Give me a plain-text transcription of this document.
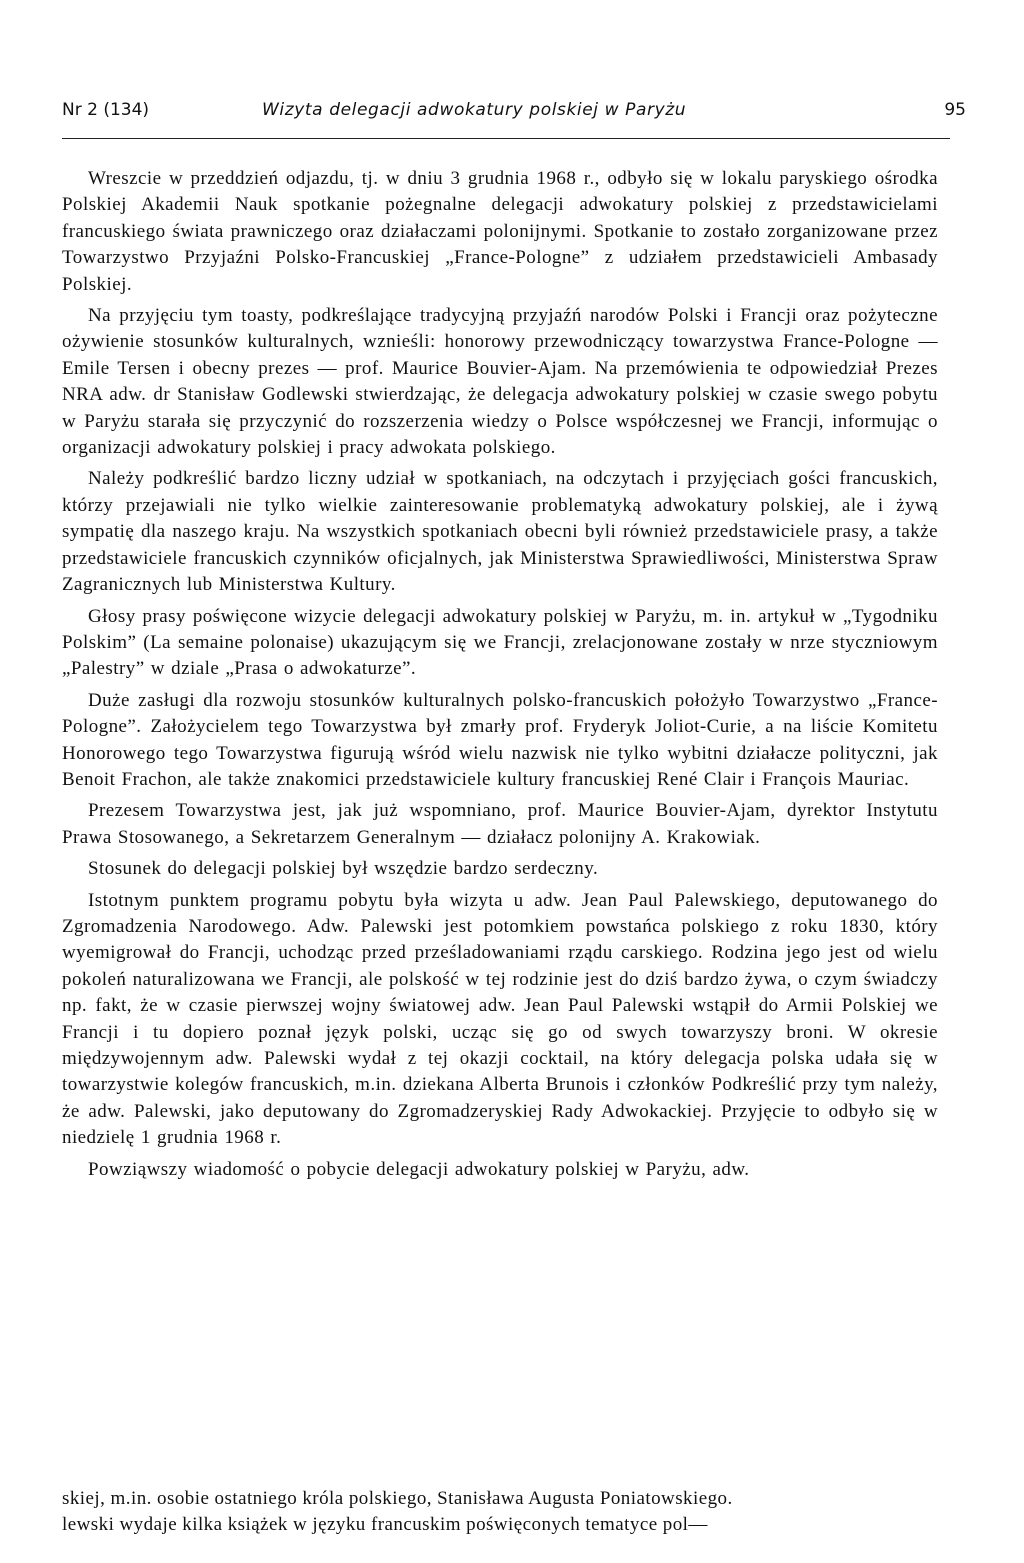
Nr 2 (134)	Wizyta delegacji adwokatury polskiej w Paryżu	95

Wreszcie w przeddzień odjazdu, tj. w dniu 3 grudnia 1968 r., odbyło się w lokalu paryskiego ośrodka Polskiej Akademii Nauk spotkanie pożegnalne delegacji adwokatury polskiej z przedstawicielami francuskiego świata prawniczego oraz działaczami polonijnymi. Spotkanie to zostało zorganizowane przez Towarzystwo Przyjaźni Polsko-Francuskiej „France-Pologne” z udziałem przedstawicieli Ambasady Polskiej.

Na przyjęciu tym toasty, podkreślające tradycyjną przyjaźń narodów Polski i Francji oraz pożyteczne ożywienie stosunków kulturalnych, wznieśli: honorowy przewodniczący towarzystwa France-Pologne — Emile Tersen i obecny prezes — prof. Maurice Bouvier-Ajam. Na przemówienia te odpowiedział Prezes NRA adw. dr Stanisław Godlewski stwierdzając, że delegacja adwokatury polskiej w czasie swego pobytu w Paryżu starała się przyczynić do rozszerzenia wiedzy o Polsce współczesnej we Francji, informując o organizacji adwokatury polskiej i pracy adwokata polskiego.

Należy podkreślić bardzo liczny udział w spotkaniach, na odczytach i przyjęciach gości francuskich, którzy przejawiali nie tylko wielkie zainteresowanie problematyką adwokatury polskiej, ale i żywą sympatię dla naszego kraju. Na wszystkich spotkaniach obecni byli również przedstawiciele prasy, a także przedstawiciele francuskich czynników oficjalnych, jak Ministerstwa Sprawiedliwości, Ministerstwa Spraw Zagranicznych lub Ministerstwa Kultury.

Głosy prasy poświęcone wizycie delegacji adwokatury polskiej w Paryżu, m. in. artykuł w „Tygodniku Polskim” (La semaine polonaise) ukazującym się we Francji, zrelacjonowane zostały w nrze styczniowym „Palestry” w dziale „Prasa o adwokaturze”.

Duże zasługi dla rozwoju stosunków kulturalnych polsko-francuskich położyło Towarzystwo „France-Pologne”. Założycielem tego Towarzystwa był zmarły prof. Fryderyk Joliot-Curie, a na liście Komitetu Honorowego tego Towarzystwa figurują wśród wielu nazwisk nie tylko wybitni działacze polityczni, jak Benoit Frachon, ale także znakomici przedstawiciele kultury francuskiej René Clair i François Mauriac.

Prezesem Towarzystwa jest, jak już wspomniano, prof. Maurice Bouvier-Ajam, dyrektor Instytutu Prawa Stosowanego, a Sekretarzem Generalnym — działacz polonijny A. Krakowiak.

Stosunek do delegacji polskiej był wszędzie bardzo serdeczny.

Istotnym punktem programu pobytu była wizyta u adw. Jean Paul Palewskiego, deputowanego do Zgromadzenia Narodowego. Adw. Palewski jest potomkiem powstańca polskiego z roku 1830, który wyemigrował do Francji, uchodząc przed prześladowaniami rządu carskiego. Rodzina jego jest od wielu pokoleń naturalizowana we Francji, ale polskość w tej rodzinie jest do dziś bardzo żywa, o czym świadczy np. fakt, że w czasie pierwszej wojny światowej adw. Jean Paul Palewski wstąpił do Armii Polskiej we Francji i tu dopiero poznał język polski, ucząc się go od swych towarzyszy broni. W okresie międzywojennym adw. Palewski wydał z tej okazji cocktail, na który delegacja polska udała się w towarzystwie kolegów francuskich, m.in. dziekana Alberta Brunois i członków Podkreślić przy tym należy, że adw. Palewski, jako deputowany do Zgromadzeryskiej Rady Adwokackiej. Przyjęcie to odbyło się w niedzielę 1 grudnia 1968 r.

Powziąwszy wiadomość o pobycie delegacji adwokatury polskiej w Paryżu, adw.

skiej, m.in. osobie ostatniego króla polskiego, Stanisława Augusta Poniatowskiego.

lewski wydaje kilka książek w języku francuskim poświęconych tematyce pol—
